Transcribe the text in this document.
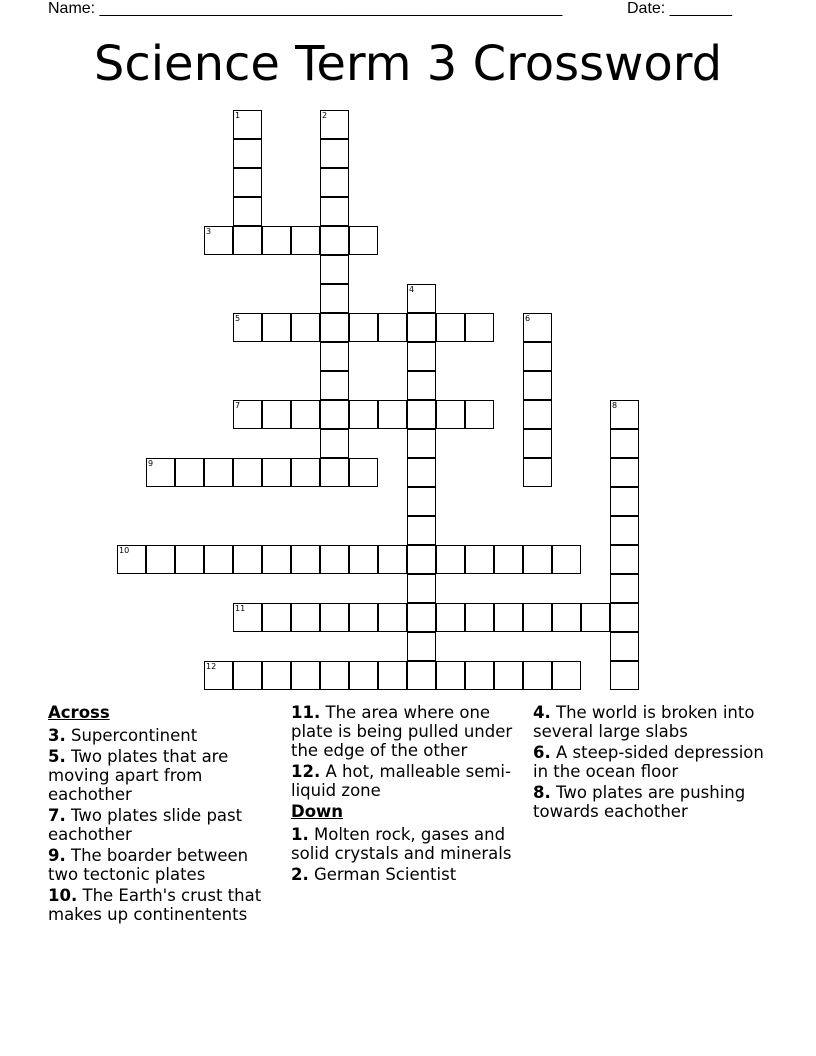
Name: ____________________________________________________	Date: _______
Science Term 3 Crossword
1	2
3
4
5	6
7	8
9
10
11
12
Across
3. Supercontinent
5. Two plates that are moving apart from eachother
7. Two plates slide past eachother
9. The boarder between two tectonic plates
10. The Earth's crust that makes up continentents
11. The area where one plate is being pulled under the edge of the other
12. A hot, malleable semi-liquid zone
Down
1. Molten rock, gases and solid crystals and minerals
2. German Scientist
4. The world is broken into several large slabs
6. A steep-sided depression in the ocean floor
8. Two plates are pushing towards eachother
